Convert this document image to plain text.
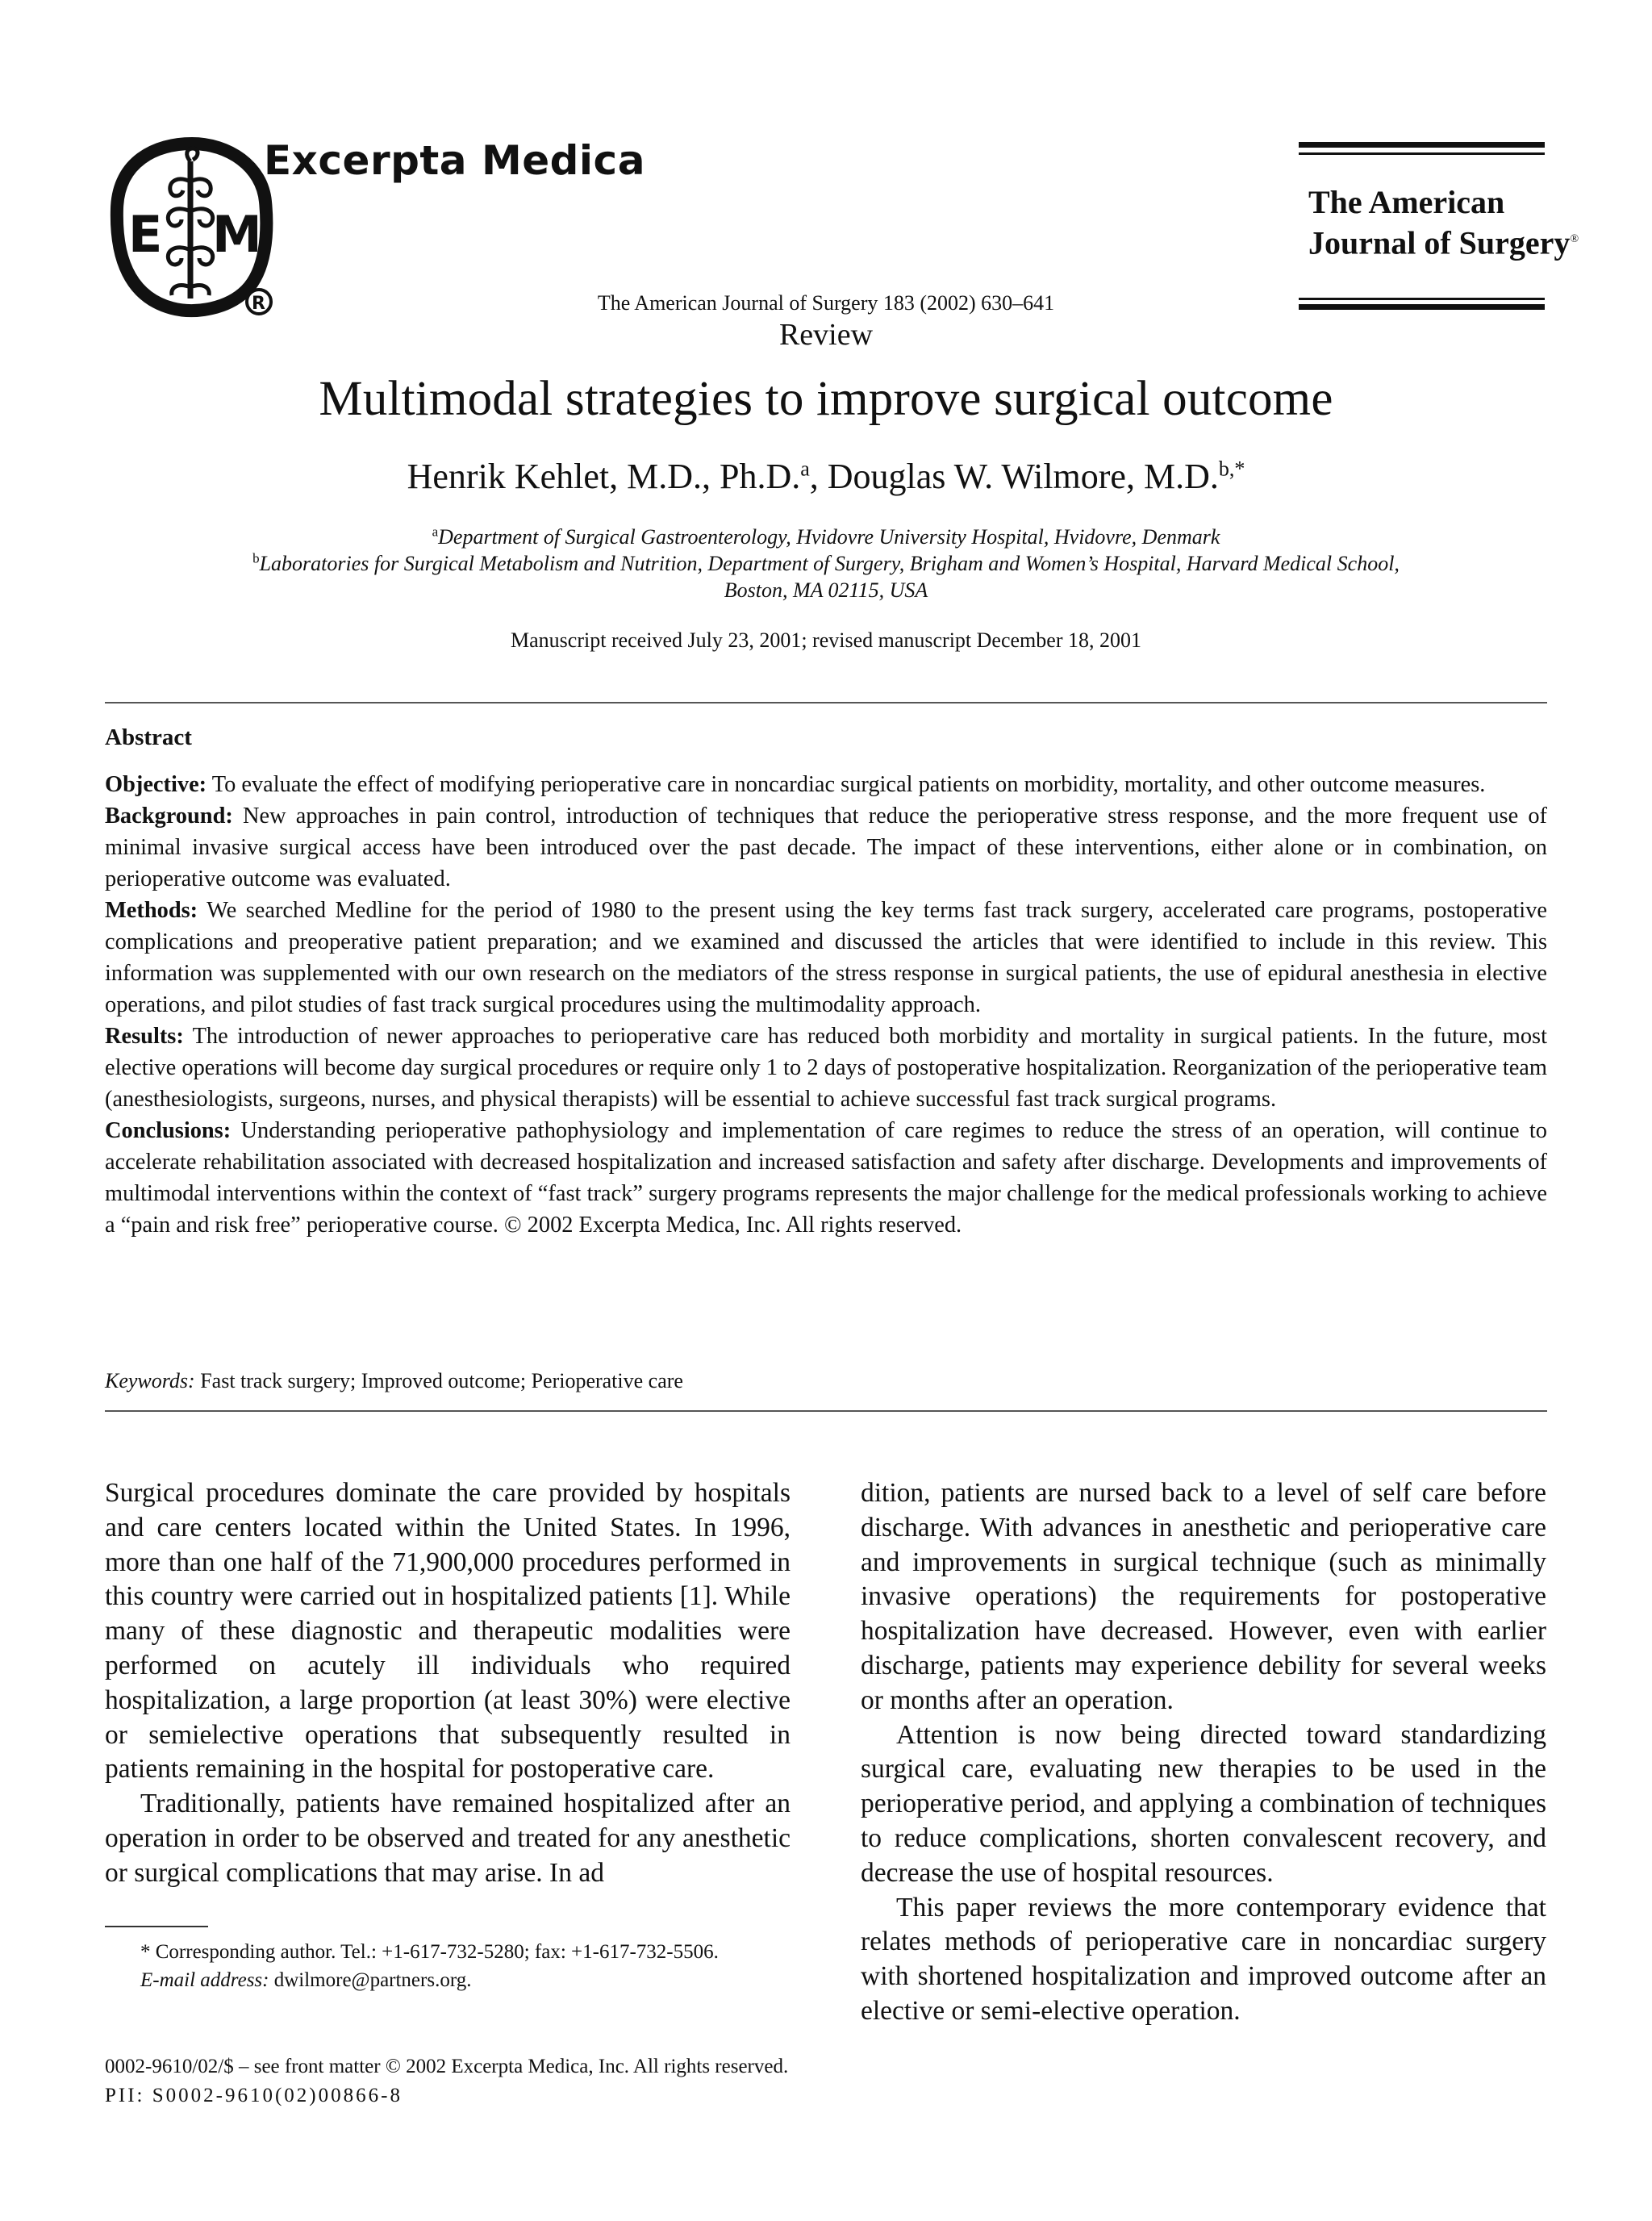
E M
R
Excerpta Medica
The American
Journal of Surgery®
The American Journal of Surgery 183 (2002) 630–641
Review
Multimodal strategies to improve surgical outcome
Henrik Kehlet, M.D., Ph.D.$^a$, Douglas W. Wilmore, M.D.$^{b,*}$
$^a$Department of Surgical Gastroenterology, Hvidovre University Hospital, Hvidovre, Denmark
$^b$Laboratories for Surgical Metabolism and Nutrition, Department of Surgery, Brigham and Women’s Hospital, Harvard Medical School,
Boston, MA 02115, USA
Manuscript received July 23, 2001; revised manuscript December 18, 2001
Abstract

Objective: To evaluate the effect of modifying perioperative care in noncardiac surgical patients on morbidity, mortality, and other outcome measures.

Background: New approaches in pain control, introduction of techniques that reduce the perioperative stress response, and the more frequent use of minimal invasive surgical access have been introduced over the past decade. The impact of these interventions, either alone or in combination, on perioperative outcome was evaluated.

Methods: We searched Medline for the period of 1980 to the present using the key terms fast track surgery, accelerated care programs, postoperative complications and preoperative patient preparation; and we examined and discussed the articles that were identified to include in this review. This information was supplemented with our own research on the mediators of the stress response in surgical patients, the use of epidural anesthesia in elective operations, and pilot studies of fast track surgical procedures using the multimodality approach.

Results: The introduction of newer approaches to perioperative care has reduced both morbidity and mortality in surgical patients. In the future, most elective operations will become day surgical procedures or require only 1 to 2 days of postoperative hospitalization. Reorganization of the perioperative team (anesthesiologists, surgeons, nurses, and physical therapists) will be essential to achieve successful fast track surgical programs.

Conclusions: Understanding perioperative pathophysiology and implementation of care regimes to reduce the stress of an operation, will continue to accelerate rehabilitation associated with decreased hospitalization and increased satisfaction and safety after discharge. Developments and improvements of multimodal interventions within the context of “fast track” surgery programs represents the major challenge for the medical professionals working to achieve a “pain and risk free” perioperative course. © 2002 Excerpta Medica, Inc. All rights reserved.

Keywords: Fast track surgery; Improved outcome; Perioperative care

Surgical procedures dominate the care provided by hospitals and care centers located within the United States. In 1996, more than one half of the 71,900,000 procedures performed in this country were carried out in hospitalized patients [1]. While many of these diagnostic and therapeutic modalities were performed on acutely ill individuals who required hospitalization, a large proportion (at least 30%) were elective or semielective operations that subsequently resulted in patients remaining in the hospital for postoperative care.

Traditionally, patients have remained hospitalized after an operation in order to be observed and treated for any anesthetic or surgical complications that may arise. In ad

dition, patients are nursed back to a level of self care before discharge. With advances in anesthetic and perioperative care and improvements in surgical technique (such as minimally invasive operations) the requirements for postoperative hospitalization have decreased. However, even with earlier discharge, patients may experience debility for several weeks or months after an operation.

Attention is now being directed toward standardizing surgical care, evaluating new therapies to be used in the perioperative period, and applying a combination of techniques to reduce complications, shorten convalescent recovery, and decrease the use of hospital resources.

This paper reviews the more contemporary evidence that relates methods of perioperative care in noncardiac surgery with shortened hospitalization and improved outcome after an elective or semi-elective operation.

* Corresponding author. Tel.: +1-617-732-5280; fax: +1-617-732-5506.

E-mail address: dwilmore@partners.org.

0002-9610/02/$ – see front matter © 2002 Excerpta Medica, Inc. All rights reserved.
PII: S0002-9610(02)00866-8
